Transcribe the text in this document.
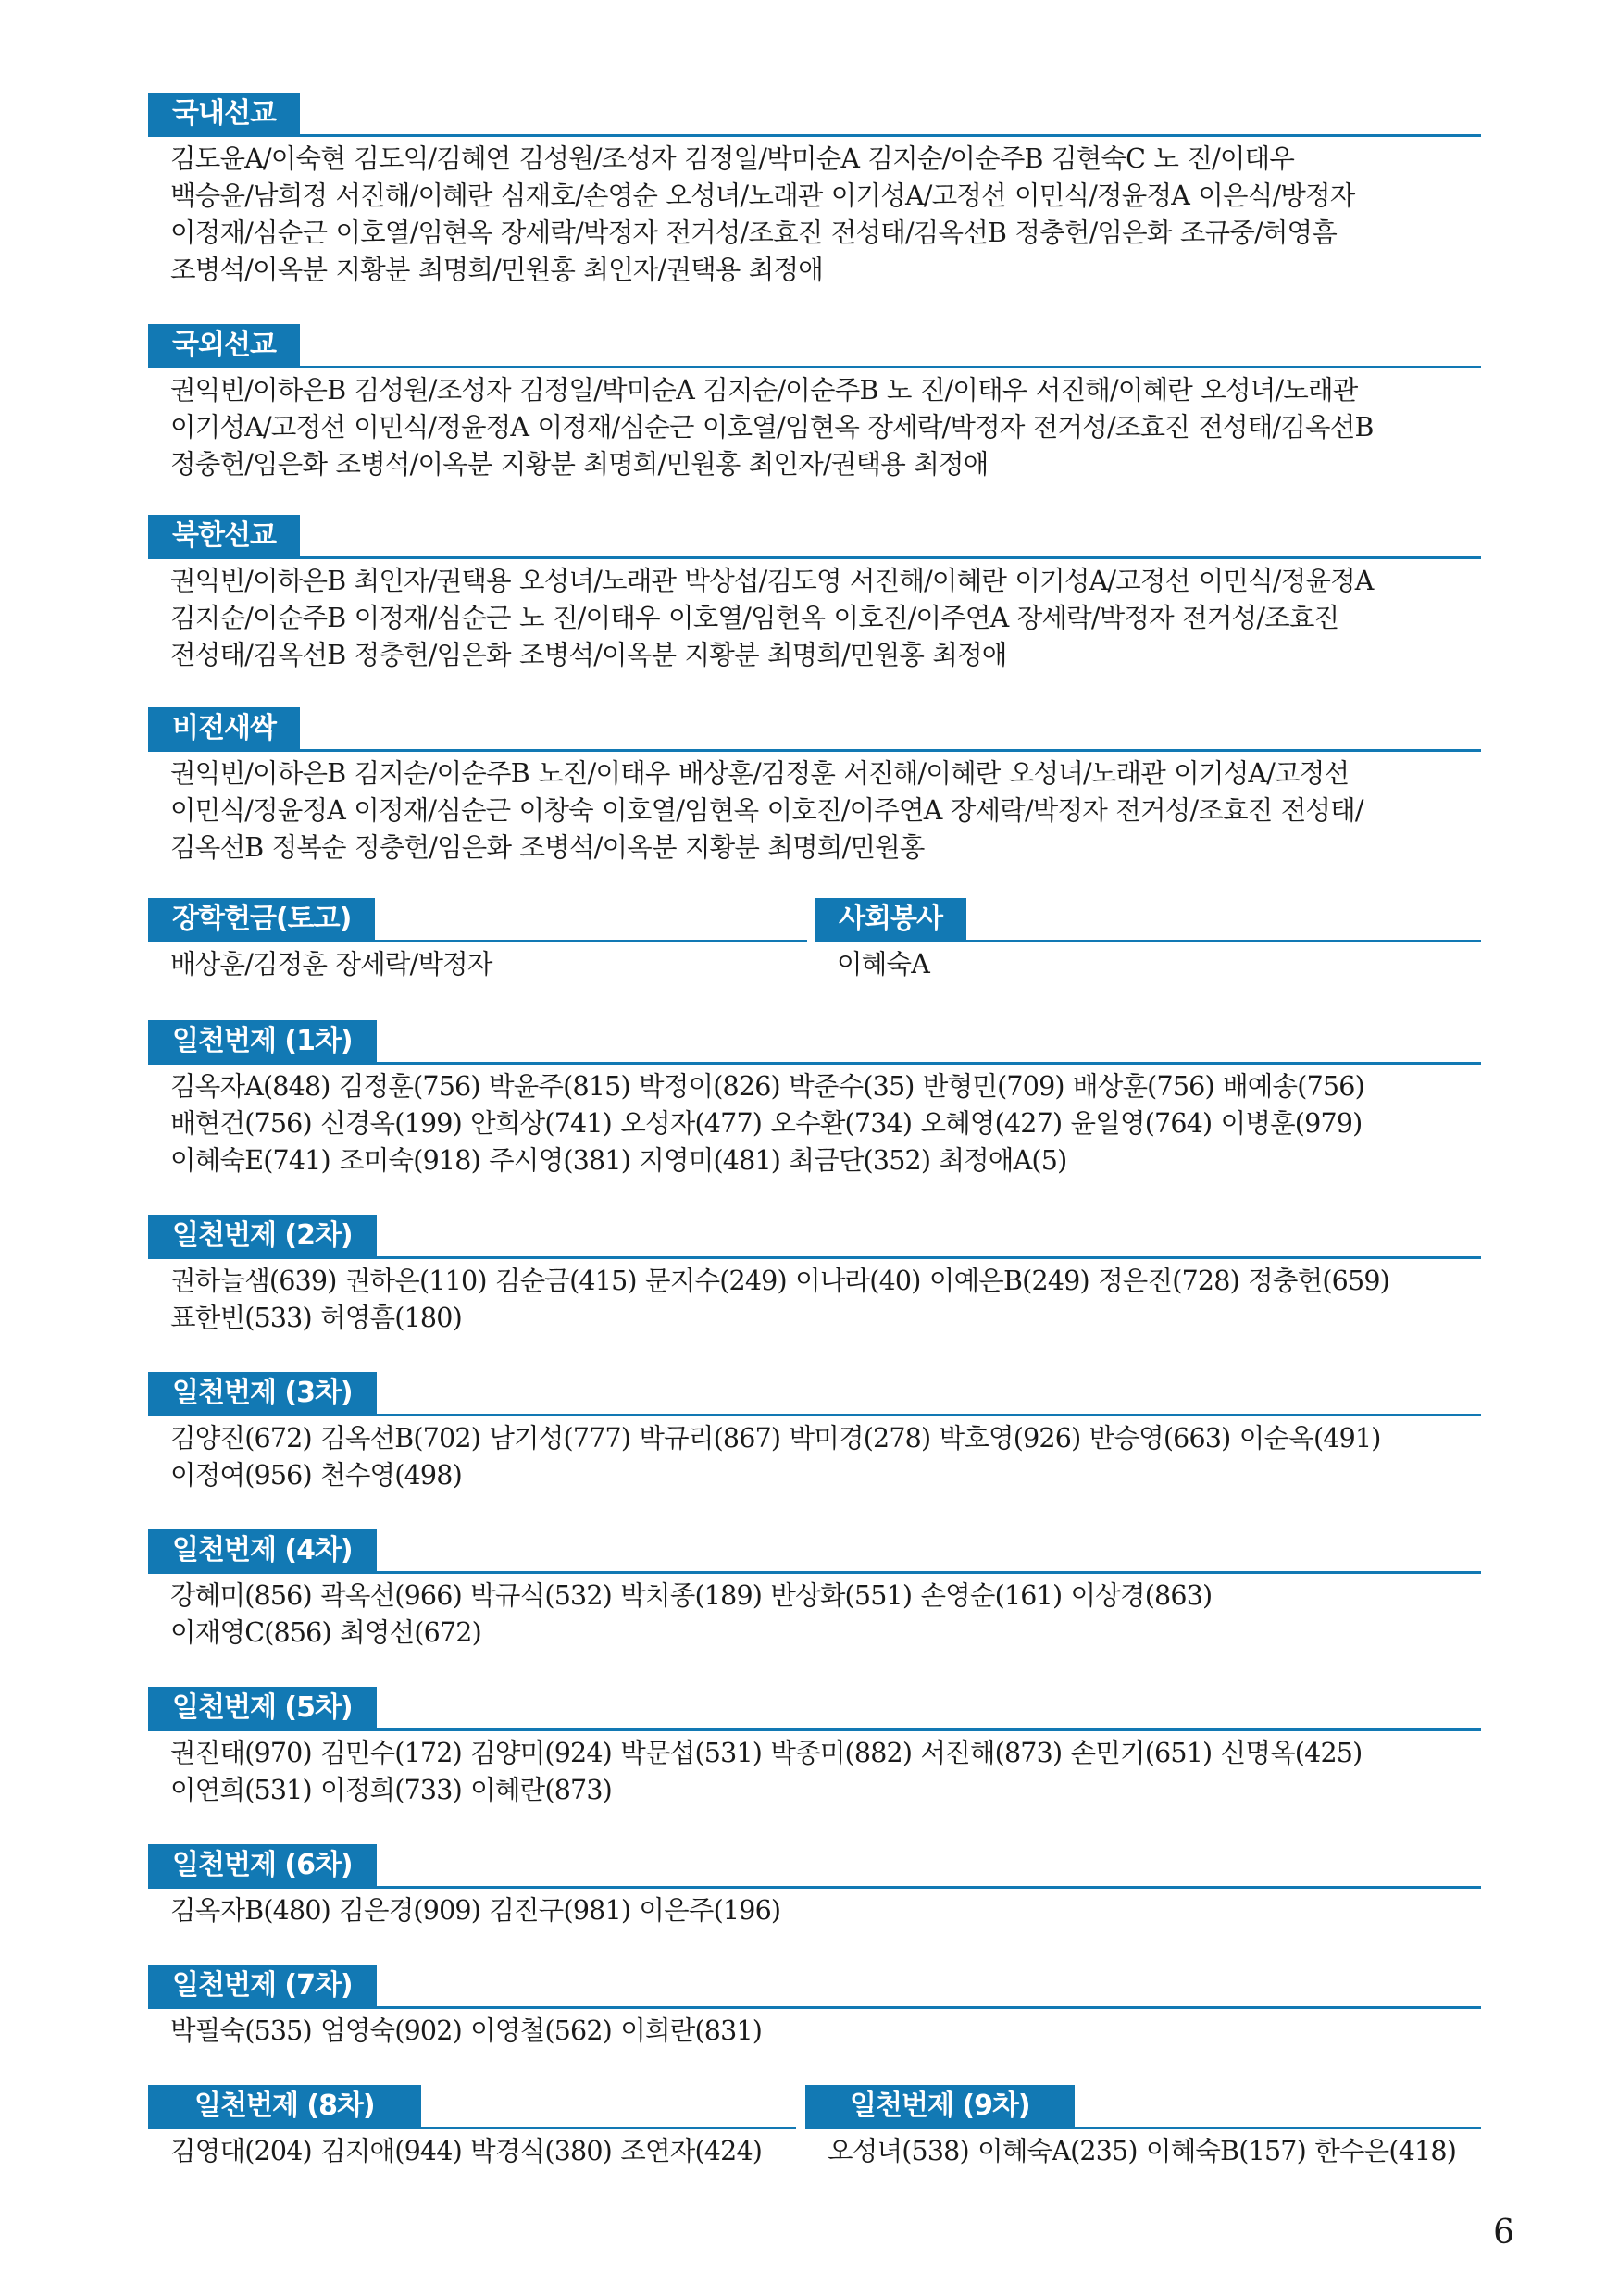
국내선교
김도윤A/이숙현 김도익/김혜연 김성원/조성자 김정일/박미순A 김지순/이순주B 김현숙C 노 진/이태우
백승윤/남희정 서진해/이혜란 심재호/손영순 오성녀/노래관 이기성A/고정선 이민식/정윤정A 이은식/방정자
이정재/심순근 이호열/임현옥 장세락/박정자 전거성/조효진 전성태/김옥선B 정충헌/임은화 조규중/허영흠
조병석/이옥분 지황분 최명희/민원홍 최인자/권택용 최정애
국외선교
권익빈/이하은B 김성원/조성자 김정일/박미순A 김지순/이순주B 노 진/이태우 서진해/이혜란 오성녀/노래관
이기성A/고정선 이민식/정윤정A 이정재/심순근 이호열/임현옥 장세락/박정자 전거성/조효진 전성태/김옥선B
정충헌/임은화 조병석/이옥분 지황분 최명희/민원홍 최인자/권택용 최정애
북한선교
권익빈/이하은B 최인자/권택용 오성녀/노래관 박상섭/김도영 서진해/이혜란 이기성A/고정선 이민식/정윤정A
김지순/이순주B 이정재/심순근 노 진/이태우 이호열/임현옥 이호진/이주연A 장세락/박정자 전거성/조효진
전성태/김옥선B 정충헌/임은화 조병석/이옥분 지황분 최명희/민원홍 최정애
비전새싹
권익빈/이하은B 김지순/이순주B 노진/이태우 배상훈/김정훈 서진해/이혜란 오성녀/노래관 이기성A/고정선
이민식/정윤정A 이정재/심순근 이창숙 이호열/임현옥 이호진/이주연A 장세락/박정자 전거성/조효진 전성태/
김옥선B 정복순 정충헌/임은화 조병석/이옥분 지황분 최명희/민원홍
장학헌금(토고)
배상훈/김정훈 장세락/박정자
사회봉사
이혜숙A
일천번제 (1차)
김옥자A(848) 김정훈(756) 박윤주(815) 박정이(826) 박준수(35) 반형민(709) 배상훈(756) 배예송(756)
배현건(756) 신경옥(199) 안희상(741) 오성자(477) 오수환(734) 오혜영(427) 윤일영(764) 이병훈(979)
이혜숙E(741) 조미숙(918) 주시영(381) 지영미(481) 최금단(352) 최정애A(5)
일천번제 (2차)
권하늘샘(639) 권하은(110) 김순금(415) 문지수(249) 이나라(40) 이예은B(249) 정은진(728) 정충헌(659)
표한빈(533) 허영흠(180)
일천번제 (3차)
김양진(672) 김옥선B(702) 남기성(777) 박규리(867) 박미경(278) 박호영(926) 반승영(663) 이순옥(491)
이정여(956) 천수영(498)
일천번제 (4차)
강혜미(856) 곽옥선(966) 박규식(532) 박치종(189) 반상화(551) 손영순(161) 이상경(863)
이재영C(856) 최영선(672)
일천번제 (5차)
권진태(970) 김민수(172) 김양미(924) 박문섭(531) 박종미(882) 서진해(873) 손민기(651) 신명옥(425)
이연희(531) 이정희(733) 이혜란(873)
일천번제 (6차)
김옥자B(480) 김은경(909) 김진구(981) 이은주(196)
일천번제 (7차)
박필숙(535) 엄영숙(902) 이영철(562) 이희란(831)
일천번제 (8차)
김영대(204) 김지애(944) 박경식(380) 조연자(424)
일천번제 (9차)
오성녀(538) 이혜숙A(235) 이혜숙B(157) 한수은(418)
6
